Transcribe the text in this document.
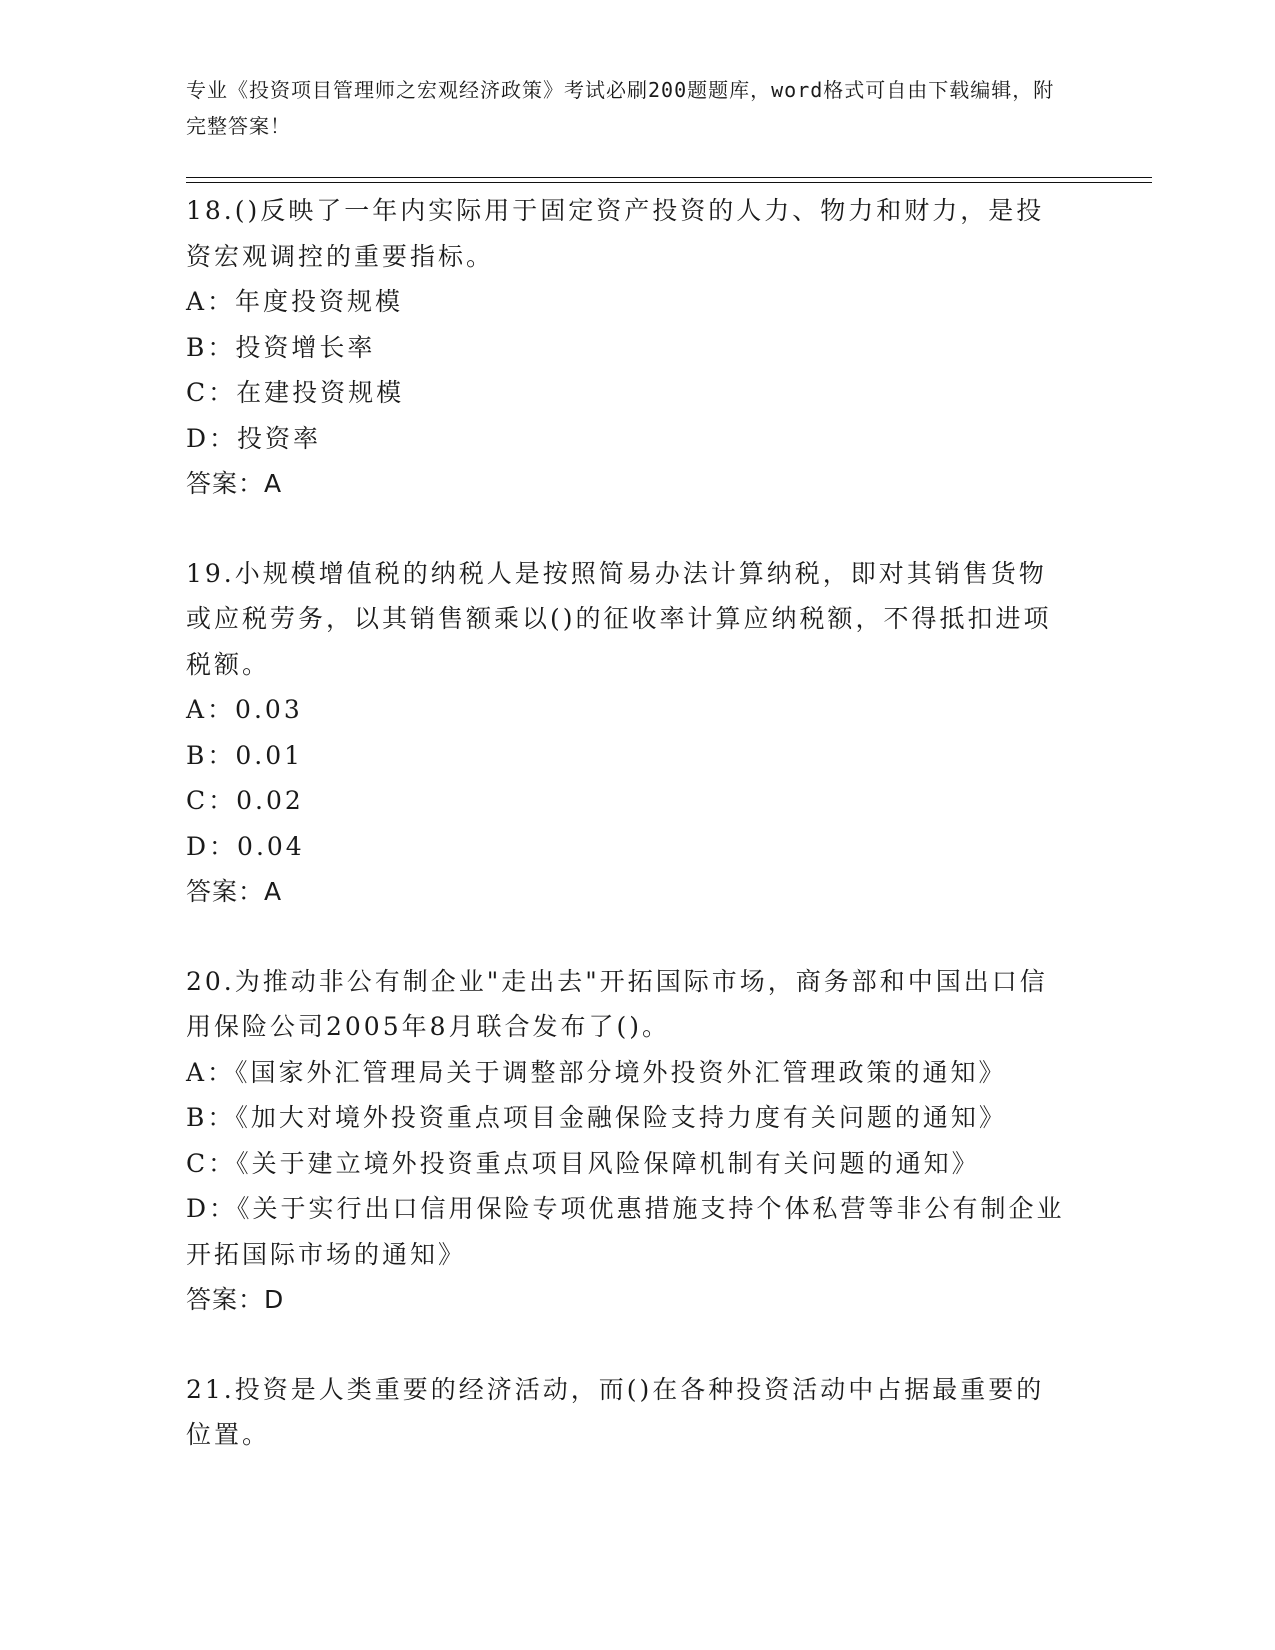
专业《投资项目管理师之宏观经济政策》考试必刷200题题库，word格式可自由下载编辑，附完整答案！

18.()反映了一年内实际用于固定资产投资的人力、物力和财力，是投资宏观调控的重要指标。

A：年度投资规模

B：投资增长率

C：在建投资规模

D：投资率

答案：A

19.小规模增值税的纳税人是按照简易办法计算纳税，即对其销售货物或应税劳务，以其销售额乘以()的征收率计算应纳税额，不得抵扣进项税额。

A：0.03

B：0.01

C：0.02

D：0.04

答案：A

20.为推动非公有制企业"走出去"开拓国际市场，商务部和中国出口信用保险公司2005年8月联合发布了()。

A：《国家外汇管理局关于调整部分境外投资外汇管理政策的通知》

B：《加大对境外投资重点项目金融保险支持力度有关问题的通知》

C：《关于建立境外投资重点项目风险保障机制有关问题的通知》

D：《关于实行出口信用保险专项优惠措施支持个体私营等非公有制企业开拓国际市场的通知》

答案：D

21.投资是人类重要的经济活动，而()在各种投资活动中占据最重要的位置。
